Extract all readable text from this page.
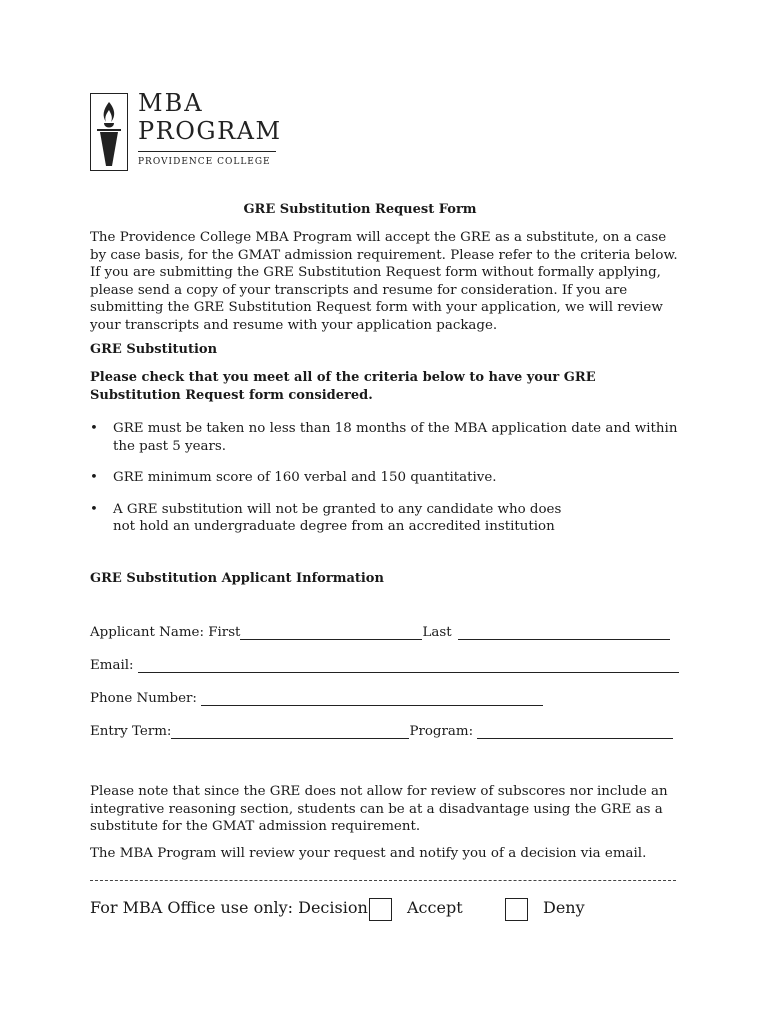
MBA
PROGRAM
PROVIDENCE COLLEGE
GRE Substitution Request Form
The Providence College MBA Program will accept the GRE as a substitute, on a case by case basis, for the GMAT admission requirement. Please refer to the criteria below. If you are submitting the GRE Substitution Request form without formally applying, please send a copy of your transcripts and resume for consideration. If you are submitting the GRE Substitution Request form with your application, we will review your transcripts and resume with your application package.
GRE Substitution
Please check that you meet all of the criteria below to have your GRE Substitution Request form considered.
• GRE must be taken no less than 18 months of the MBA application date and within the past 5 years.
• GRE minimum score of 160 verbal and 150 quantitative.
• A GRE substitution will not be granted to any candidate who does not hold an undergraduate degree from an accredited institution
GRE Substitution Applicant Information
Applicant Name: First	Last
Email:
Phone Number:
Entry Term:	Program:
Please note that since the GRE does not allow for review of subscores nor include an integrative reasoning section, students can be at a disadvantage using the GRE as a substitute for the GMAT admission requirement.
The MBA Program will review your request and notify you of a decision via email.
For MBA Office use only: Decision Accept	Deny
